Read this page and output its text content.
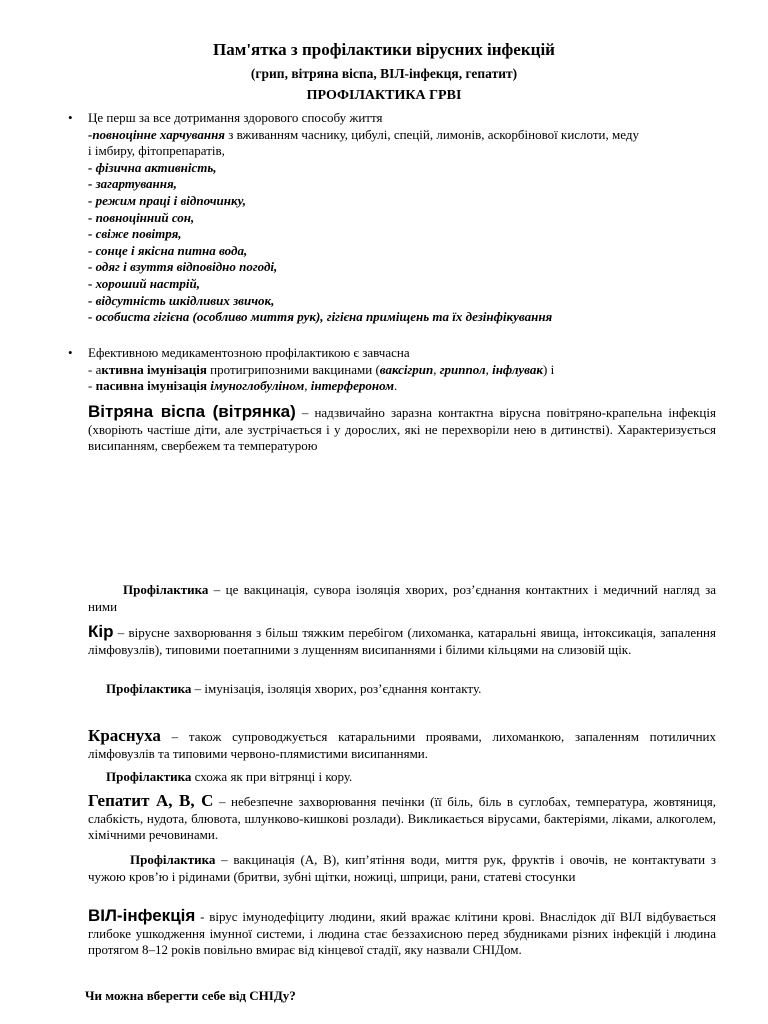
Пам'ятка з профілактики вірусних інфекцій
(грип, вітряна віспа, ВІЛ-інфекця, гепатит)
ПРОФІЛАКТИКА ГРВІ
• Це перш за все дотримання здорового способу життя
-повноцінне харчування з вживанням часнику, цибулі, спецій, лимонів, аскорбінової кислоти, меду
і імбиру, фітопрепаратів,
- фізична активність,
- загартування,
- режим праці і відпочинку,
- повноцінний сон,
- свіже повітря,
- сонце і якісна питна вода,
- одяг і взуття відповідно погоді,
- хороший настрій,
- відсутність шкідливих звичок,
- особиста гігієна (особливо миття рук), гігієна приміщень та їх дезінфікування
• Ефективною медикаментозною профілактикою є завчасна
- активна імунізація протигрипозними вакцинами (ваксігрип, гриппол, інфлувак) і
- пасивна імунізація імуноглобуліном, інтерфероном.
Вітряна віспа (вітрянка) – надзвичайно заразна контактна вірусна повітряно-крапельна інфекція (хворіють частіше діти, але зустрічається і у дорослих, які не перехворіли нею в дитинстві). Характеризується висипанням, свербежем та температурою
Профілактика – це вакцинація, сувора ізоляція хворих, роз’єднання контактних і медичний нагляд за ними
Кір – вірусне захворювання з більш тяжким перебігом (лихоманка, катаральні явища, інтоксикація, запалення лімфовузлів), типовими поетапними з лущенням висипаннями і білими кільцями на слизовій щік.
Профілактика – імунізація, ізоляція хворих, роз’єднання контакту.
Краснуха – також супроводжується катаральними проявами, лихоманкою, запаленням потиличних лімфовузлів та типовими червоно-плямистими висипаннями.
Профілактика схожа як при вітрянці і кору.
Гепатит А, В, С – небезпечне захворювання печінки (її біль, біль в суглобах, температура, жовтяниця, слабкість, нудота, блювота, шлунково-кишкові розлади). Викликається вірусами, бактеріями, ліками, алкоголем, хімічними речовинами.
Профілактика – вакцинація (А, В), кип’ятіння води, миття рук, фруктів і овочів, не контактувати з чужою кров’ю і рідинами (бритви, зубні щітки, ножиці, шприци, рани, статеві стосунки
ВІЛ-інфекція - вірус імунодефіциту людини, який вражає клітини крові. Внаслідок дії ВІЛ відбувається глибоке ушкодження імунної системи, і людина стає беззахисною перед збудниками різних інфекцій і людина протягом 8–12 років повільно вмирає від кінцевої стадії, яку назвали СНІДом.
Чи можна вберегти себе від СНІДу?
